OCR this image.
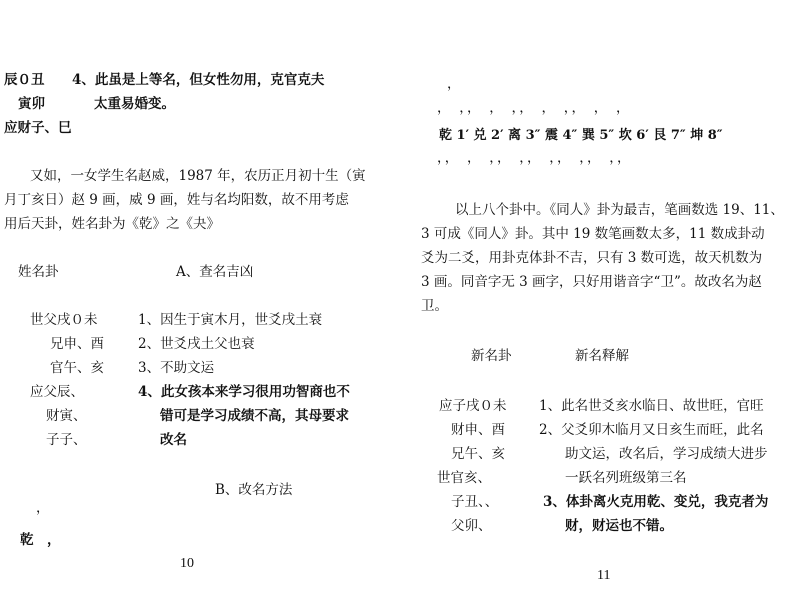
辰０丑 4、此虽是上等名，但女性勿用，克官克夫
寅卯	太重易婚变。
应财子、巳
又如，一女学生名赵威，1987 年，农历正月初十生（寅
月丁亥日）赵 9 画，威 9 画，姓与名均阳数，故不用考虑
用后天卦，姓名卦为《乾》之《夬》
姓名卦	A、查名吉凶
世父戌０未	1、因生于寅木月，世爻戌土衰
兄申、酉	2、世爻戌土父也衰
官午、亥	3、不助文运
应父辰、	4、此女孩本来学习很用功智商也不
财寅、	错可是学习成绩不高，其母要求
子子、	改名
B、改名方法
，
乾　，
10
，
，　，，　，　，，　，　，，　，　，
乾 1′ 兑 2′ 离 3″ 震 4″ 巽 5″ 坎 6′ 艮 7″ 坤 8″
，，　，　，，　，，　，，　，，　，，
以上八个卦中。《同人》卦为最吉，笔画数选 19、11、
3 可成《同人》卦。其中 19 数笔画数太多，11 数成卦动
爻为二爻，用卦克体卦不吉，只有 3 数可选，故天机数为
3 画。同音字无 3 画字，只好用谐音字“卫”。故改名为赵
卫。
新名卦	新名释解
应子戌０未 1、此名世爻亥水临日、故世旺，官旺
财申、酉	2、父爻卯木临月又日亥生而旺，此名
兄午、亥	助文运，改名后，学习成绩大进步
世官亥、	一跃名列班级第三名
子丑、、	3、体卦离火克用乾、变兑，我克者为
父卯、	财，财运也不错。
11
